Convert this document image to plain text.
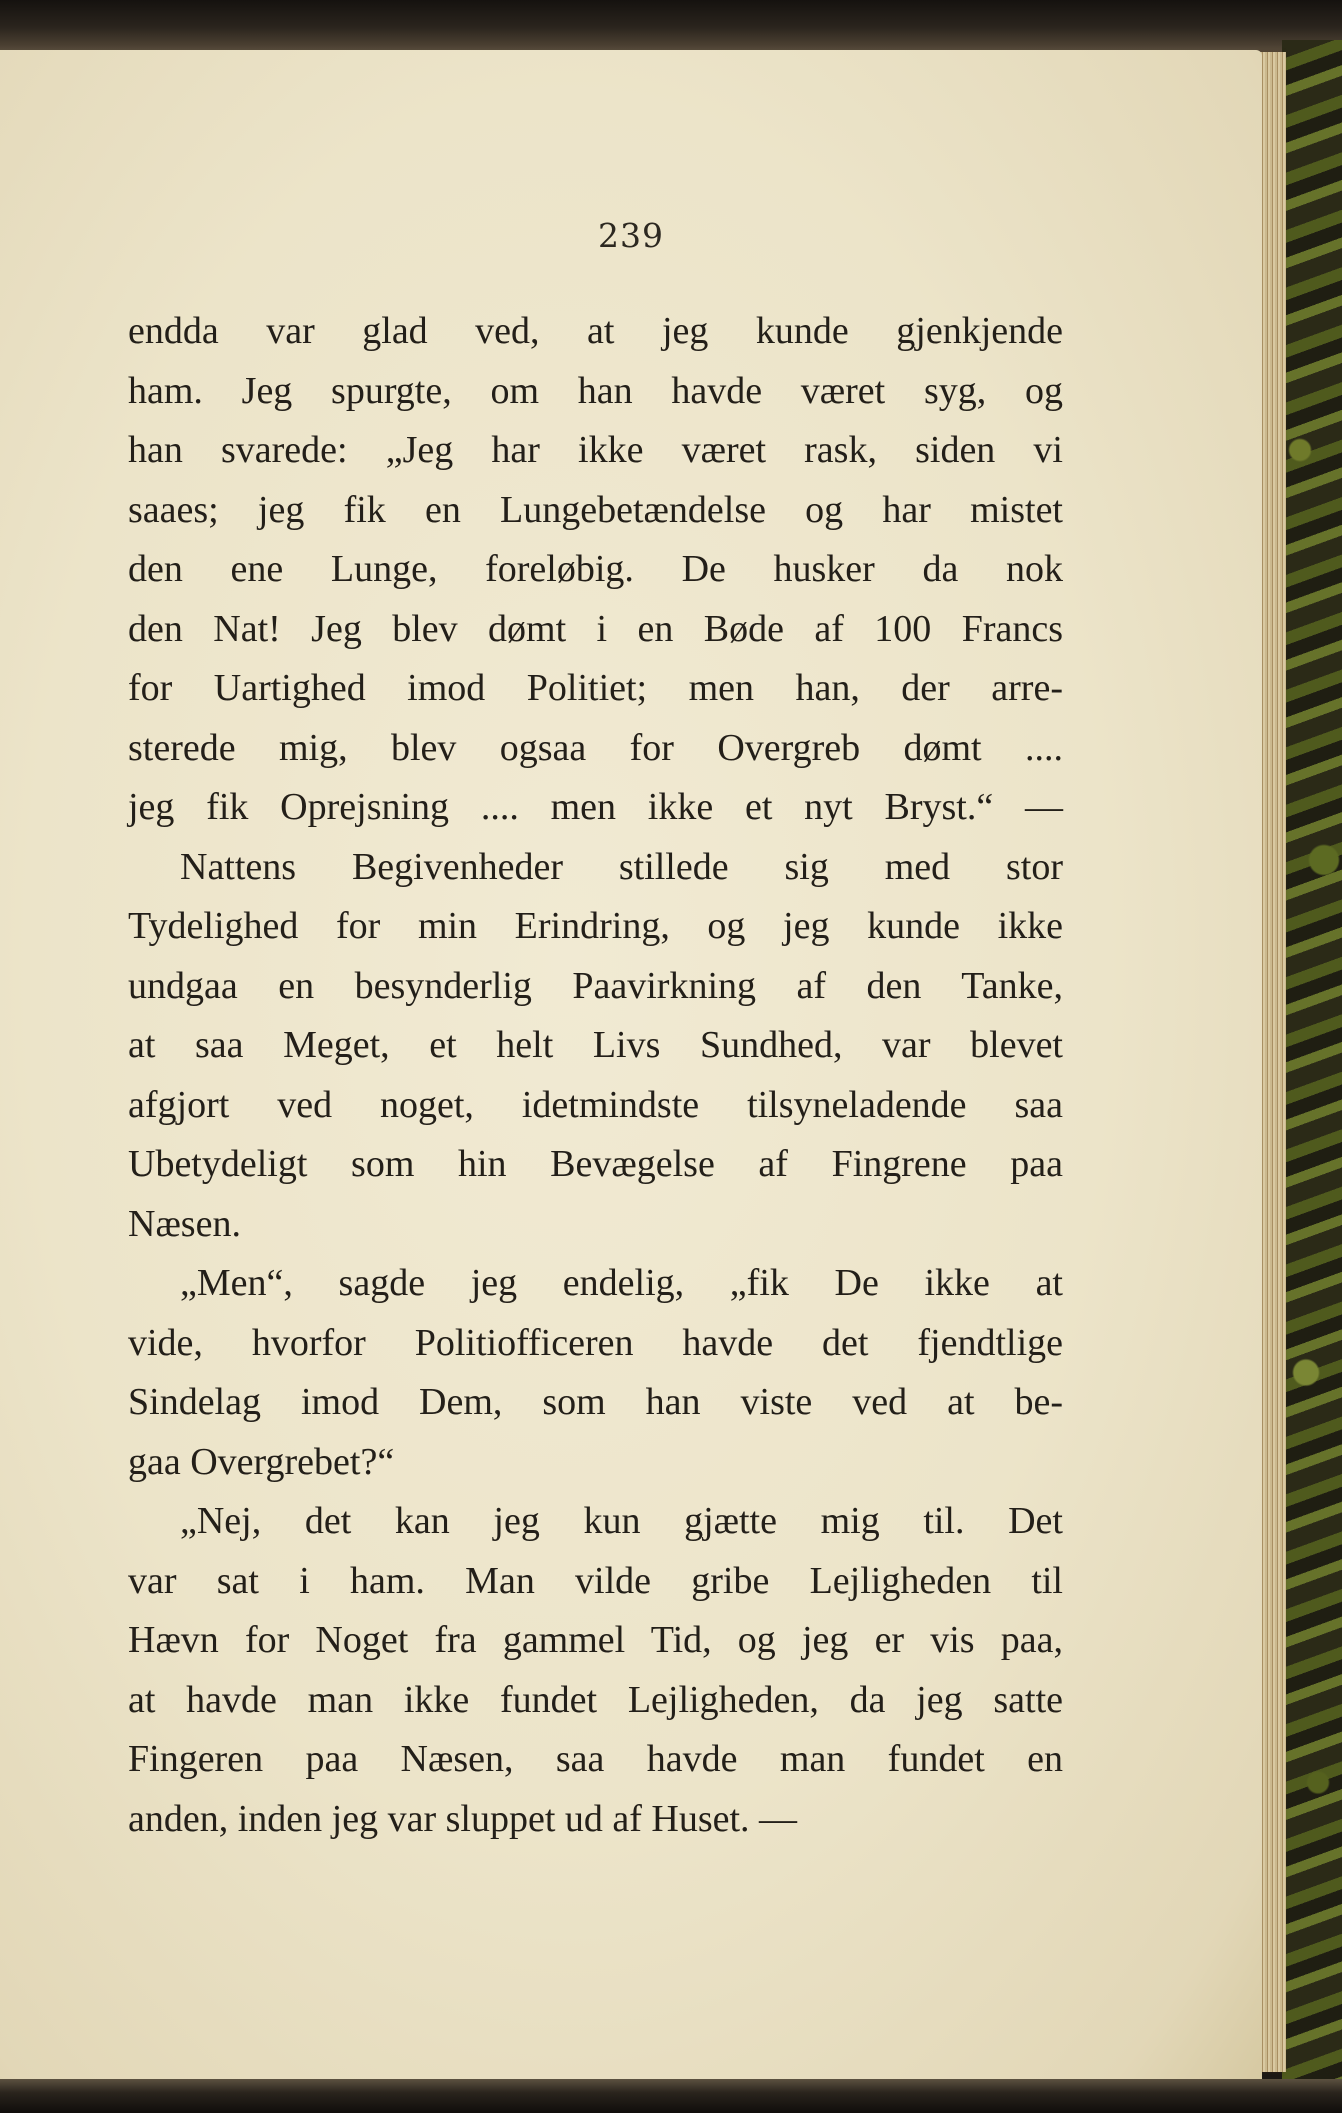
239
endda var glad ved, at jeg kunde gjenkjende
ham. Jeg spurgte, om han havde været syg, og
han svarede: „Jeg har ikke været rask, siden vi
saaes; jeg fik en Lungebetændelse og har mistet
den ene Lunge, foreløbig. De husker da nok
den Nat! Jeg blev dømt i en Bøde af 100 Francs
for Uartighed imod Politiet; men han, der arre-
sterede mig, blev ogsaa for Overgreb dømt ....
jeg fik Oprejsning .... men ikke et nyt Bryst.“ —
Nattens Begivenheder stillede sig med stor
Tydelighed for min Erindring, og jeg kunde ikke
undgaa en besynderlig Paavirkning af den Tanke,
at saa Meget, et helt Livs Sundhed, var blevet
afgjort ved noget, idetmindste tilsyneladende saa
Ubetydeligt som hin Bevægelse af Fingrene paa
Næsen.
„Men“, sagde jeg endelig, „fik De ikke at
vide, hvorfor Politiofficeren havde det fjendtlige
Sindelag imod Dem, som han viste ved at be-
gaa Overgrebet?“
„Nej, det kan jeg kun gjætte mig til. Det
var sat i ham. Man vilde gribe Lejligheden til
Hævn for Noget fra gammel Tid, og jeg er vis paa,
at havde man ikke fundet Lejligheden, da jeg satte
Fingeren paa Næsen, saa havde man fundet en
anden, inden jeg var sluppet ud af Huset. —
